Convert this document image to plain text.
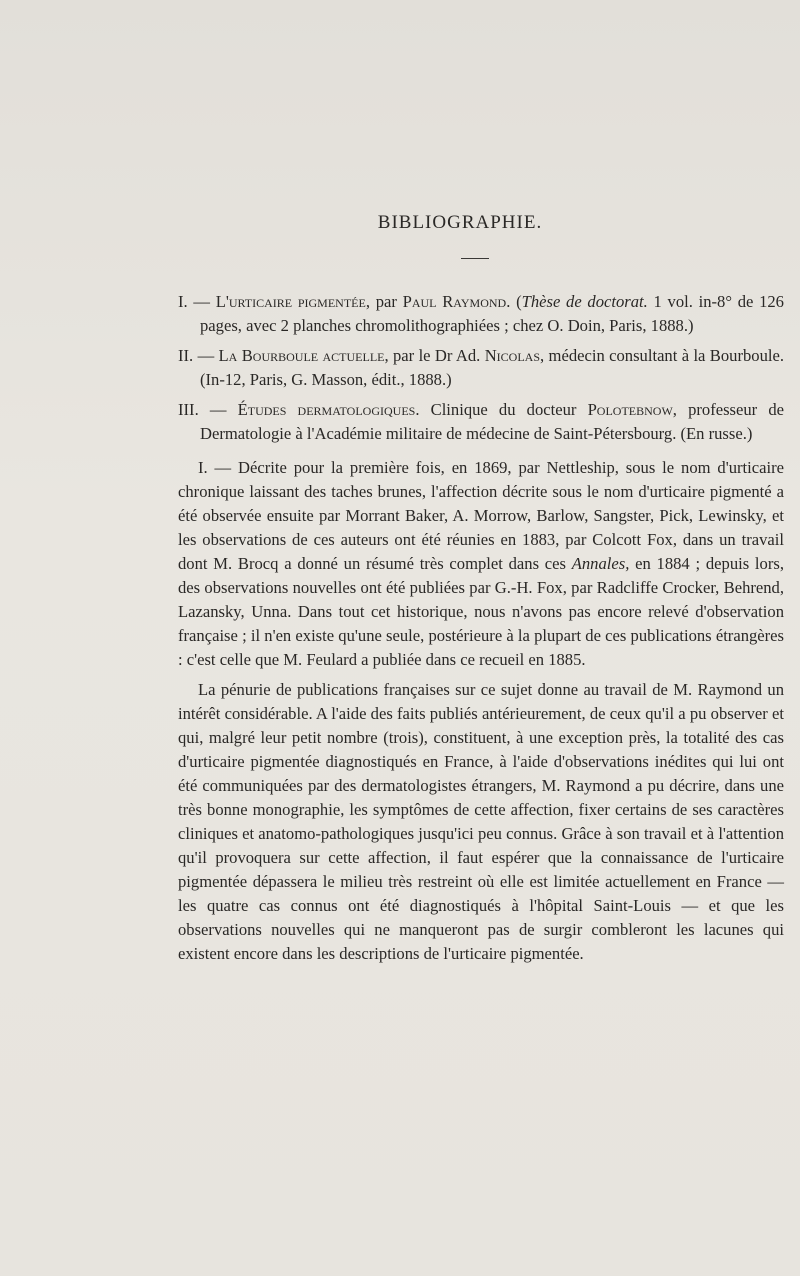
BIBLIOGRAPHIE.

I. — L'urticaire pigmentée, par Paul Raymond. (Thèse de doctorat. 1 vol. in-8° de 126 pages, avec 2 planches chromolithographiées ; chez O. Doin, Paris, 1888.)

II. — La Bourboule actuelle, par le Dr Ad. Nicolas, médecin consultant à la Bourboule. (In-12, Paris, G. Masson, édit., 1888.)

III. — Études dermatologiques. Clinique du docteur Polotebnow, professeur de Dermatologie à l'Académie militaire de médecine de Saint-Pétersbourg. (En russe.)

I. — Décrite pour la première fois, en 1869, par Nettleship, sous le nom d'urticaire chronique laissant des taches brunes, l'affection décrite sous le nom d'urticaire pigmenté a été observée ensuite par Morrant Baker, A. Morrow, Barlow, Sangster, Pick, Lewinsky, et les observations de ces auteurs ont été réunies en 1883, par Colcott Fox, dans un travail dont M. Brocq a donné un résumé très complet dans ces Annales, en 1884 ; depuis lors, des observations nouvelles ont été publiées par G.-H. Fox, par Radcliffe Crocker, Behrend, Lazansky, Unna. Dans tout cet historique, nous n'avons pas encore relevé d'observation française ; il n'en existe qu'une seule, postérieure à la plupart de ces publications étrangères : c'est celle que M. Feulard a publiée dans ce recueil en 1885.

La pénurie de publications françaises sur ce sujet donne au travail de M. Raymond un intérêt considérable. A l'aide des faits publiés antérieurement, de ceux qu'il a pu observer et qui, malgré leur petit nombre (trois), constituent, à une exception près, la totalité des cas d'urticaire pigmentée diagnostiqués en France, à l'aide d'observations inédites qui lui ont été communiquées par des dermatologistes étrangers, M. Raymond a pu décrire, dans une très bonne monographie, les symptômes de cette affection, fixer certains de ses caractères cliniques et anatomo-pathologiques jusqu'ici peu connus. Grâce à son travail et à l'attention qu'il provoquera sur cette affection, il faut espérer que la connaissance de l'urticaire pigmentée dépassera le milieu très restreint où elle est limitée actuellement en France — les quatre cas connus ont été diagnostiqués à l'hôpital Saint-Louis — et que les observations nouvelles qui ne manqueront pas de surgir combleront les lacunes qui existent encore dans les descriptions de l'urticaire pigmentée.
